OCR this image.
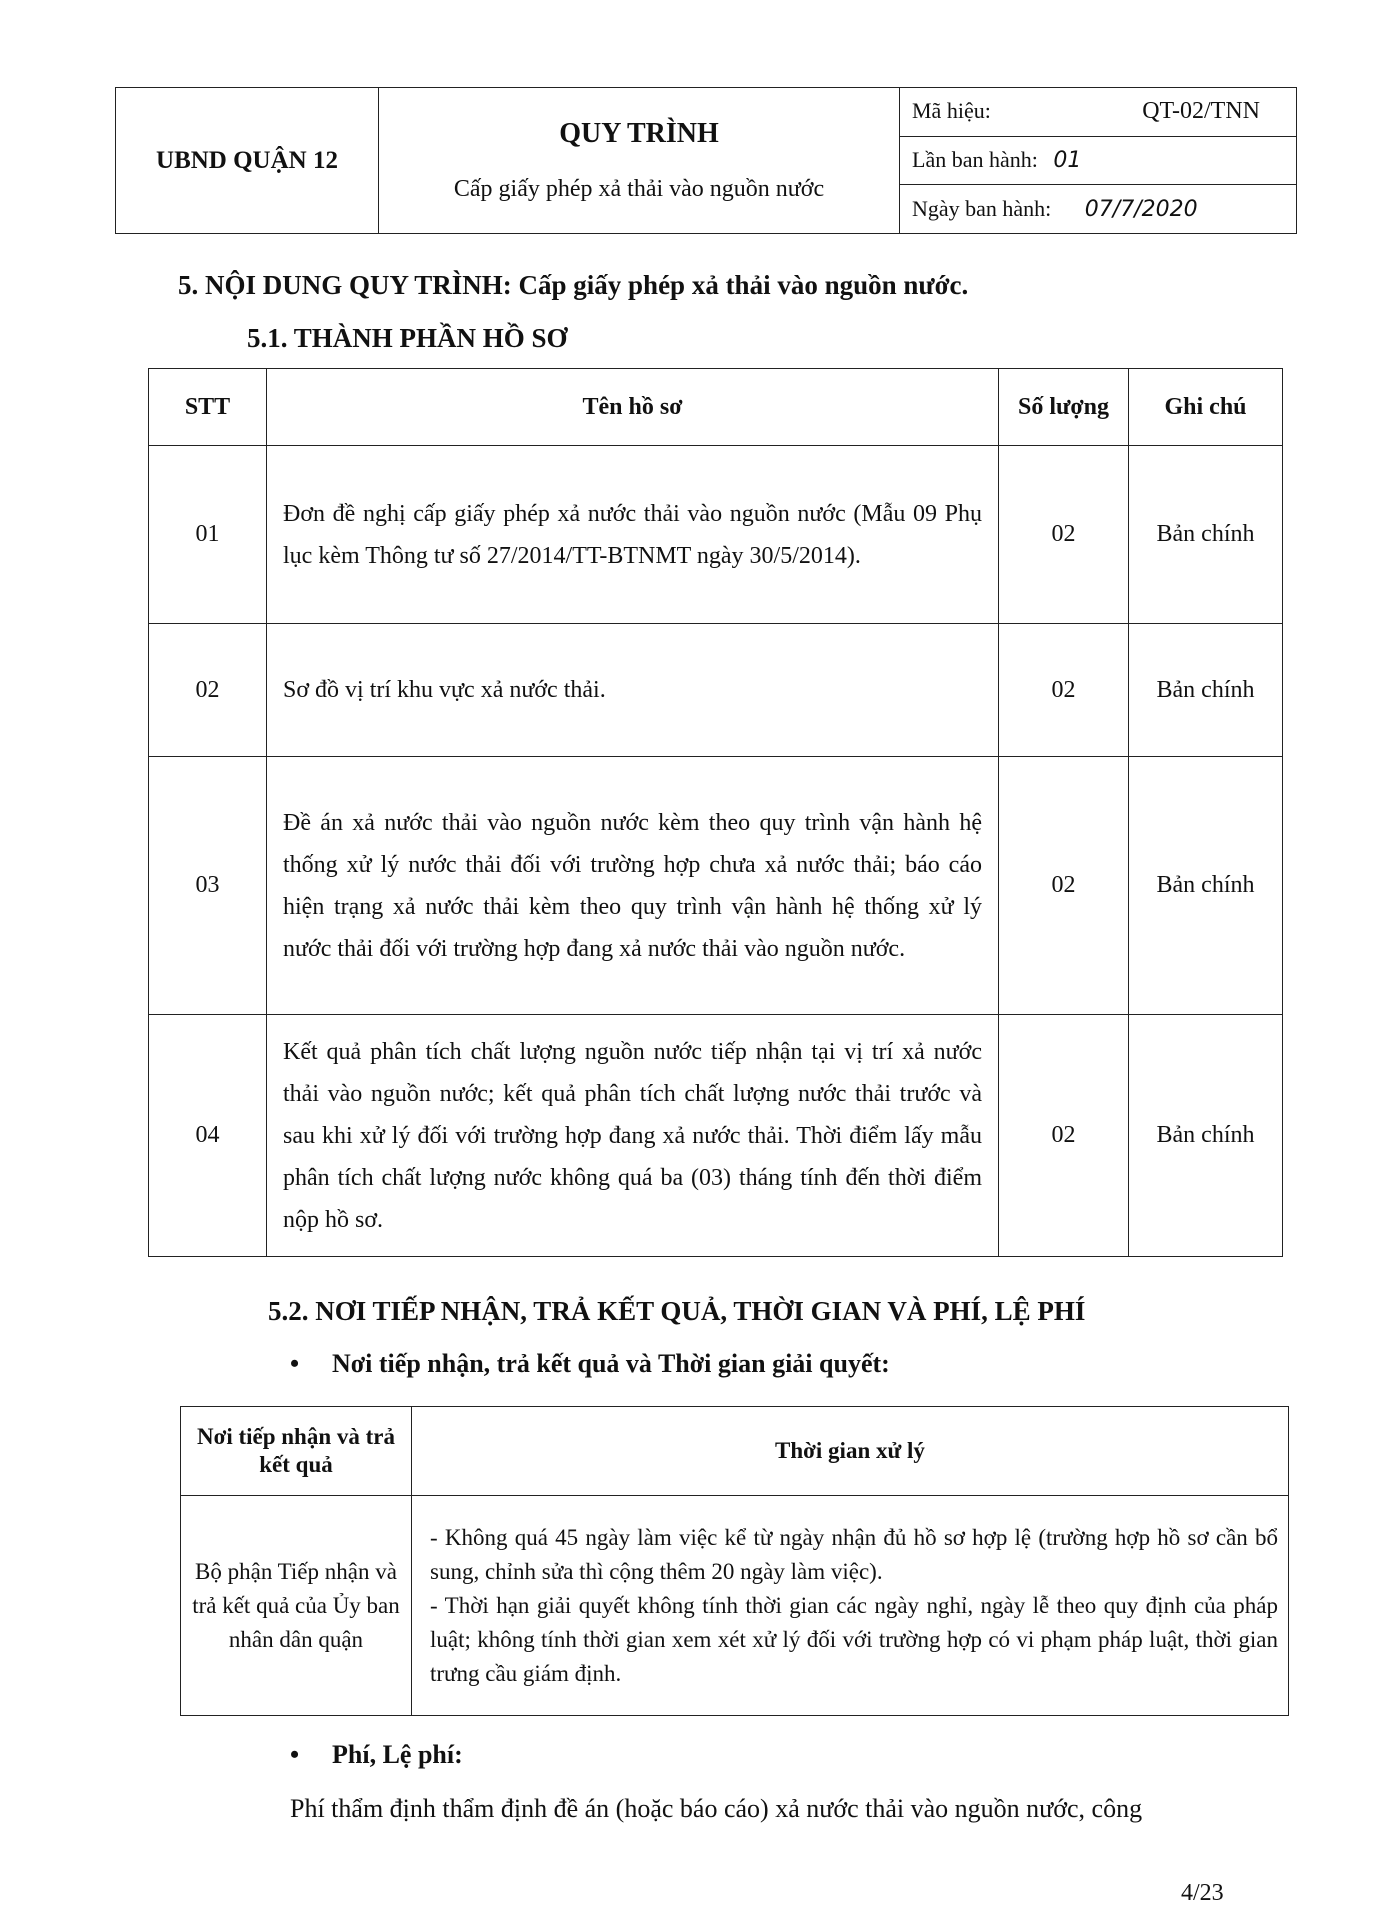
UBND QUẬN 12	
QUY TRÌNH
Cấp giấy phép xả thải vào nguồn nước
	Mã hiệu:	QT-02/TNN

Lần ban hành: 01
Ngày ban hành: 07/7/2020
5. NỘI DUNG QUY TRÌNH: Cấp giấy phép xả thải vào nguồn nước.
5.1. THÀNH PHẦN HỒ SƠ
STT	Tên hồ sơ	Số lượng	Ghi chú
01	Đơn đề nghị cấp giấy phép xả nước thải vào nguồn nước (Mẫu 09 Phụ lục kèm Thông tư số 27/2014/TT-BTNMT ngày 30/5/2014).	02	Bản chính
02	Sơ đồ vị trí khu vực xả nước thải.	02	Bản chính
03	Đề án xả nước thải vào nguồn nước kèm theo quy trình vận hành hệ thống xử lý nước thải đối với trường hợp chưa xả nước thải; báo cáo hiện trạng xả nước thải kèm theo quy trình vận hành hệ thống xử lý nước thải đối với trường hợp đang xả nước thải vào nguồn nước.	02	Bản chính
04	Kết quả phân tích chất lượng nguồn nước tiếp nhận tại vị trí xả nước thải vào nguồn nước; kết quả phân tích chất lượng nước thải trước và sau khi xử lý đối với trường hợp đang xả nước thải. Thời điểm lấy mẫu phân tích chất lượng nước không quá ba (03) tháng tính đến thời điểm nộp hồ sơ.	02	Bản chính
5.2. NƠI TIẾP NHẬN, TRẢ KẾT QUẢ, THỜI GIAN VÀ PHÍ, LỆ PHÍ
• Nơi tiếp nhận, trả kết quả và Thời gian giải quyết:
Nơi tiếp nhận và trả kết quả	Thời gian xử lý
Bộ phận Tiếp nhận và trả kết quả của Ủy ban nhân dân quận	- Không quá 45 ngày làm việc kể từ ngày nhận đủ hồ sơ hợp lệ (trường hợp hồ sơ cần bổ sung, chỉnh sửa thì cộng thêm 20 ngày làm việc).
- Thời hạn giải quyết không tính thời gian các ngày nghỉ, ngày lễ theo quy định của pháp luật; không tính thời gian xem xét xử lý đối với trường hợp có vi phạm pháp luật, thời gian trưng cầu giám định.
• Phí, Lệ phí:
Phí thẩm định thẩm định đề án (hoặc báo cáo) xả nước thải vào nguồn nước, công
4/23
